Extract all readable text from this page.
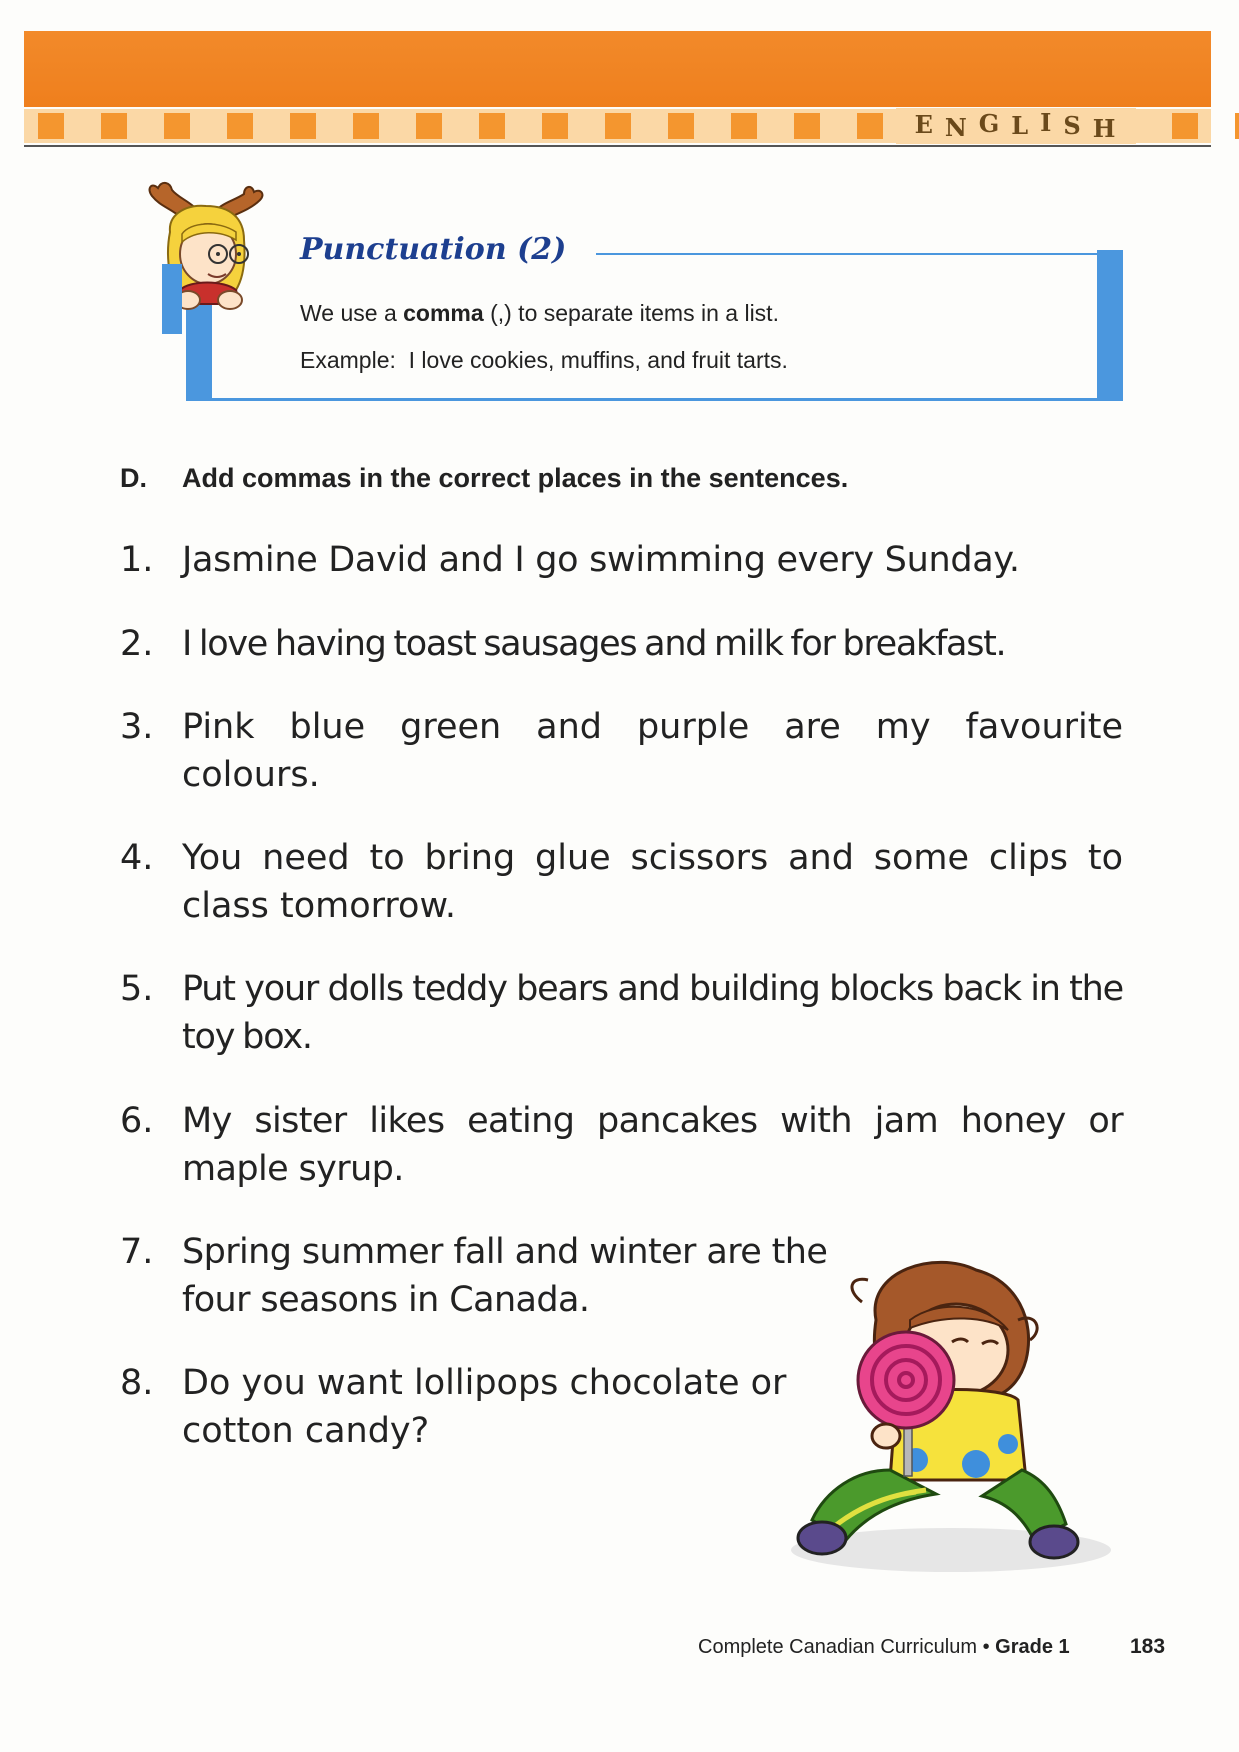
E N G L I S H
Punctuation (2)
We use a comma (,) to separate items in a list.
Example:  I love cookies, muffins, and fruit tarts.
D. Add commas in the correct places in the sentences.
1. Jasmine David and I go swimming every Sunday.
2. I love having toast sausages and milk for breakfast.
3. Pink blue green and purple are my favourite colours.
4. You need to bring glue scissors and some clips to class tomorrow.
5. Put your dolls teddy bears and building blocks back in the toy box.
6. My sister likes eating pancakes with jam honey or maple syrup.
7. Spring summer fall and winter are the four seasons in Canada.
8. Do you want lollipops chocolate or cotton candy?
Complete Canadian Curriculum • Grade 1	183
